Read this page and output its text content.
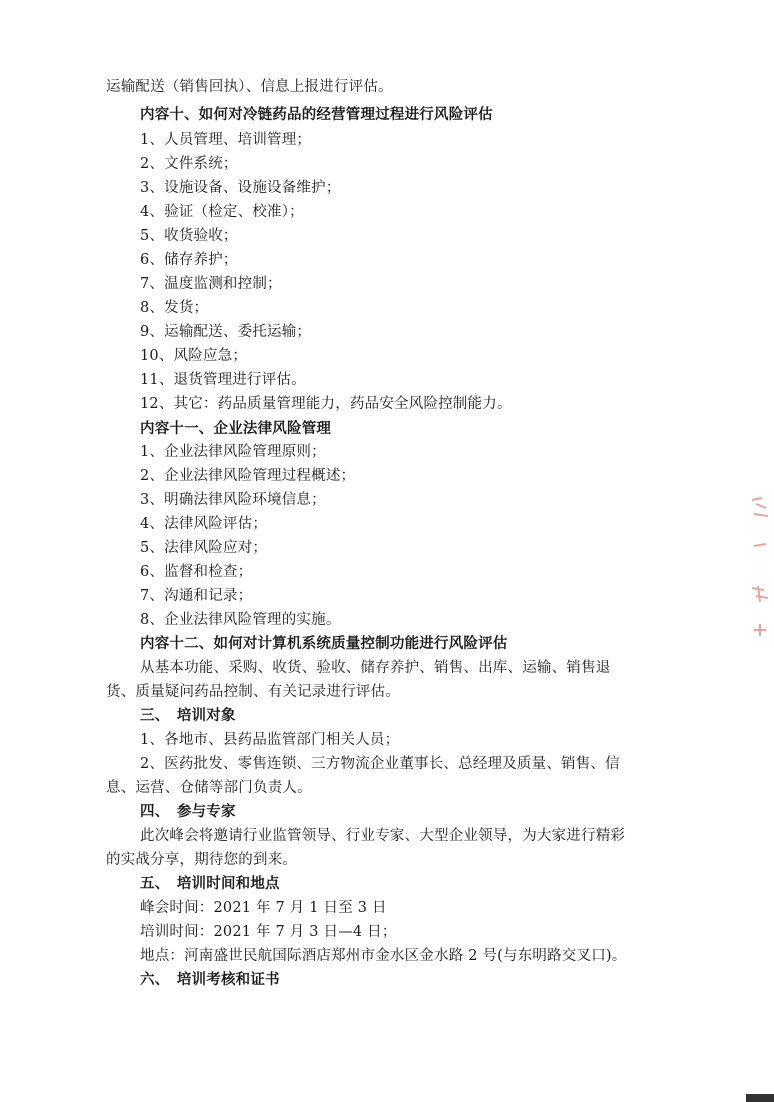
运输配送（销售回执）、信息上报进行评估。
内容十、如何对冷链药品的经营管理过程进行风险评估
1、人员管理、培训管理；
2、文件系统；
3、设施设备、设施设备维护；
4、验证（检定、校准）；
5、收货验收；
6、储存养护；
7、温度监测和控制；
8、发货；
9、运输配送、委托运输；
10、风险应急；
11、退货管理进行评估。
12、其它：药品质量管理能力，药品安全风险控制能力。
内容十一、企业法律风险管理
1、企业法律风险管理原则；
2、企业法律风险管理过程概述；
3、明确法律风险环境信息；
4、法律风险评估；
5、法律风险应对；
6、监督和检查；
7、沟通和记录；
8、企业法律风险管理的实施。
内容十二、如何对计算机系统质量控制功能进行风险评估
从基本功能、采购、收货、验收、储存养护、销售、出库、运输、销售退
货、质量疑问药品控制、有关记录进行评估。
三、　培训对象
1、各地市、县药品监管部门相关人员；
2、医药批发、零售连锁、三方物流企业董事长、总经理及质量、销售、信
息、运营、仓储等部门负责人。
四、　参与专家
此次峰会将邀请行业监管领导、行业专家、大型企业领导，为大家进行精彩
的实战分享，期待您的到来。
五、　培训时间和地点
峰会时间：2021 年 7 月 1 日至 3 日
培训时间：2021 年 7 月 3 日—4 日；
地点：河南盛世民航国际酒店郑州市金水区金水路 2 号(与东明路交叉口)。
六、　培训考核和证书
